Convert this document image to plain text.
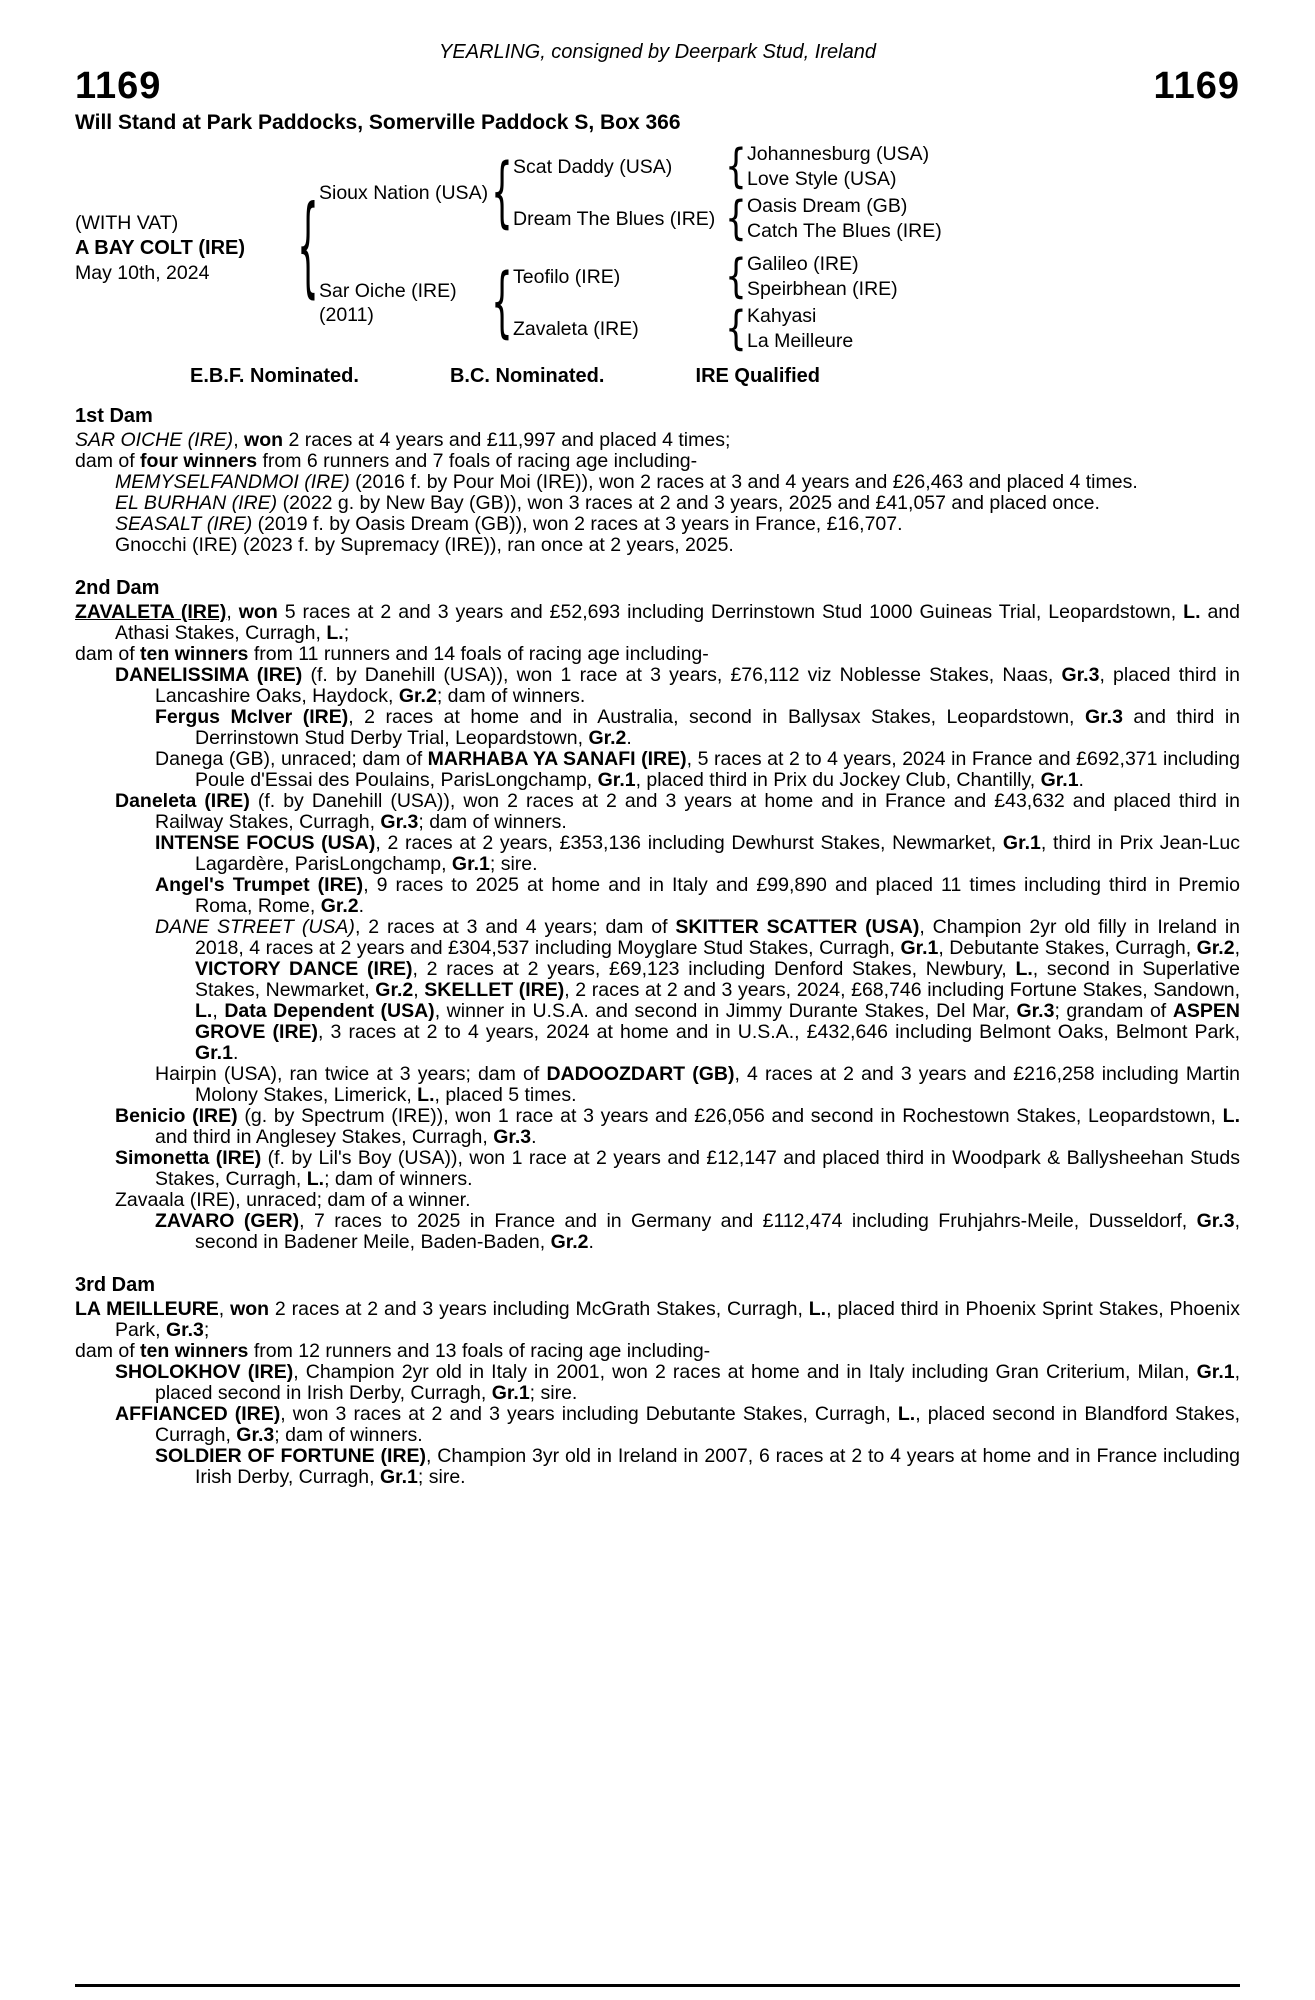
YEARLING, consigned by Deerpark Stud, Ireland
1169	1169
Will Stand at Park Paddocks, Somerville Paddock S, Box 366
(WITH VAT)
A BAY COLT (IRE)
May 10th, 2024	{ Sioux Nation (USA) { Scat Daddy (USA)	{ Johannesburg (USA)
Love Style (USA)
Dream The Blues (IRE) { Oasis Dream (GB)
Catch The Blues (IRE)
Sar Oiche (IRE)
(2011)	{ Teofilo (IRE)	{ Galileo (IRE)
Speirbhean (IRE)
Zavaleta (IRE)	{ Kahyasi
La Meilleure
E.B.F. Nominated.	B.C. Nominated.	IRE Qualified
1st Dam

SAR OICHE (IRE), won 2 races at 4 years and £11,997 and placed 4 times;

dam of four winners from 6 runners and 7 foals of racing age including-

MEMYSELFANDMOI (IRE) (2016 f. by Pour Moi (IRE)), won 2 races at 3 and 4 years and £26,463 and placed 4 times.

EL BURHAN (IRE) (2022 g. by New Bay (GB)), won 3 races at 2 and 3 years, 2025 and £41,057 and placed once.

SEASALT (IRE) (2019 f. by Oasis Dream (GB)), won 2 races at 3 years in France, £16,707.

Gnocchi (IRE) (2023 f. by Supremacy (IRE)), ran once at 2 years, 2025.

2nd Dam

ZAVALETA (IRE), won 5 races at 2 and 3 years and £52,693 including Derrinstown Stud 1000 Guineas Trial, Leopardstown, L. and Athasi Stakes, Curragh, L.;

dam of ten winners from 11 runners and 14 foals of racing age including-

DANELISSIMA (IRE) (f. by Danehill (USA)), won 1 race at 3 years, £76,112 viz Noblesse Stakes, Naas, Gr.3, placed third in Lancashire Oaks, Haydock, Gr.2; dam of winners.

Fergus McIver (IRE), 2 races at home and in Australia, second in Ballysax Stakes, Leopardstown, Gr.3 and third in Derrinstown Stud Derby Trial, Leopardstown, Gr.2.

Danega (GB), unraced; dam of MARHABA YA SANAFI (IRE), 5 races at 2 to 4 years, 2024 in France and £692,371 including Poule d'Essai des Poulains, ParisLongchamp, Gr.1, placed third in Prix du Jockey Club, Chantilly, Gr.1.

Daneleta (IRE) (f. by Danehill (USA)), won 2 races at 2 and 3 years at home and in France and £43,632 and placed third in Railway Stakes, Curragh, Gr.3; dam of winners.

INTENSE FOCUS (USA), 2 races at 2 years, £353,136 including Dewhurst Stakes, Newmarket, Gr.1, third in Prix Jean-Luc Lagardère, ParisLongchamp, Gr.1; sire.

Angel's Trumpet (IRE), 9 races to 2025 at home and in Italy and £99,890 and placed 11 times including third in Premio Roma, Rome, Gr.2.

DANE STREET (USA), 2 races at 3 and 4 years; dam of SKITTER SCATTER (USA), Champion 2yr old filly in Ireland in 2018, 4 races at 2 years and £304,537 including Moyglare Stud Stakes, Curragh, Gr.1, Debutante Stakes, Curragh, Gr.2, VICTORY DANCE (IRE), 2 races at 2 years, £69,123 including Denford Stakes, Newbury, L., second in Superlative Stakes, Newmarket, Gr.2, SKELLET (IRE), 2 races at 2 and 3 years, 2024, £68,746 including Fortune Stakes, Sandown, L., Data Dependent (USA), winner in U.S.A. and second in Jimmy Durante Stakes, Del Mar, Gr.3; grandam of ASPEN GROVE (IRE), 3 races at 2 to 4 years, 2024 at home and in U.S.A., £432,646 including Belmont Oaks, Belmont Park, Gr.1.

Hairpin (USA), ran twice at 3 years; dam of DADOOZDART (GB), 4 races at 2 and 3 years and £216,258 including Martin Molony Stakes, Limerick, L., placed 5 times.

Benicio (IRE) (g. by Spectrum (IRE)), won 1 race at 3 years and £26,056 and second in Rochestown Stakes, Leopardstown, L. and third in Anglesey Stakes, Curragh, Gr.3.

Simonetta (IRE) (f. by Lil's Boy (USA)), won 1 race at 2 years and £12,147 and placed third in Woodpark & Ballysheehan Studs Stakes, Curragh, L.; dam of winners.

Zavaala (IRE), unraced; dam of a winner.

ZAVARO (GER), 7 races to 2025 in France and in Germany and £112,474 including Fruhjahrs-Meile, Dusseldorf, Gr.3, second in Badener Meile, Baden-Baden, Gr.2.

3rd Dam

LA MEILLEURE, won 2 races at 2 and 3 years including McGrath Stakes, Curragh, L., placed third in Phoenix Sprint Stakes, Phoenix Park, Gr.3;

dam of ten winners from 12 runners and 13 foals of racing age including-

SHOLOKHOV (IRE), Champion 2yr old in Italy in 2001, won 2 races at home and in Italy including Gran Criterium, Milan, Gr.1, placed second in Irish Derby, Curragh, Gr.1; sire.

AFFIANCED (IRE), won 3 races at 2 and 3 years including Debutante Stakes, Curragh, L., placed second in Blandford Stakes, Curragh, Gr.3; dam of winners.

SOLDIER OF FORTUNE (IRE), Champion 3yr old in Ireland in 2007, 6 races at 2 to 4 years at home and in France including Irish Derby, Curragh, Gr.1; sire.
